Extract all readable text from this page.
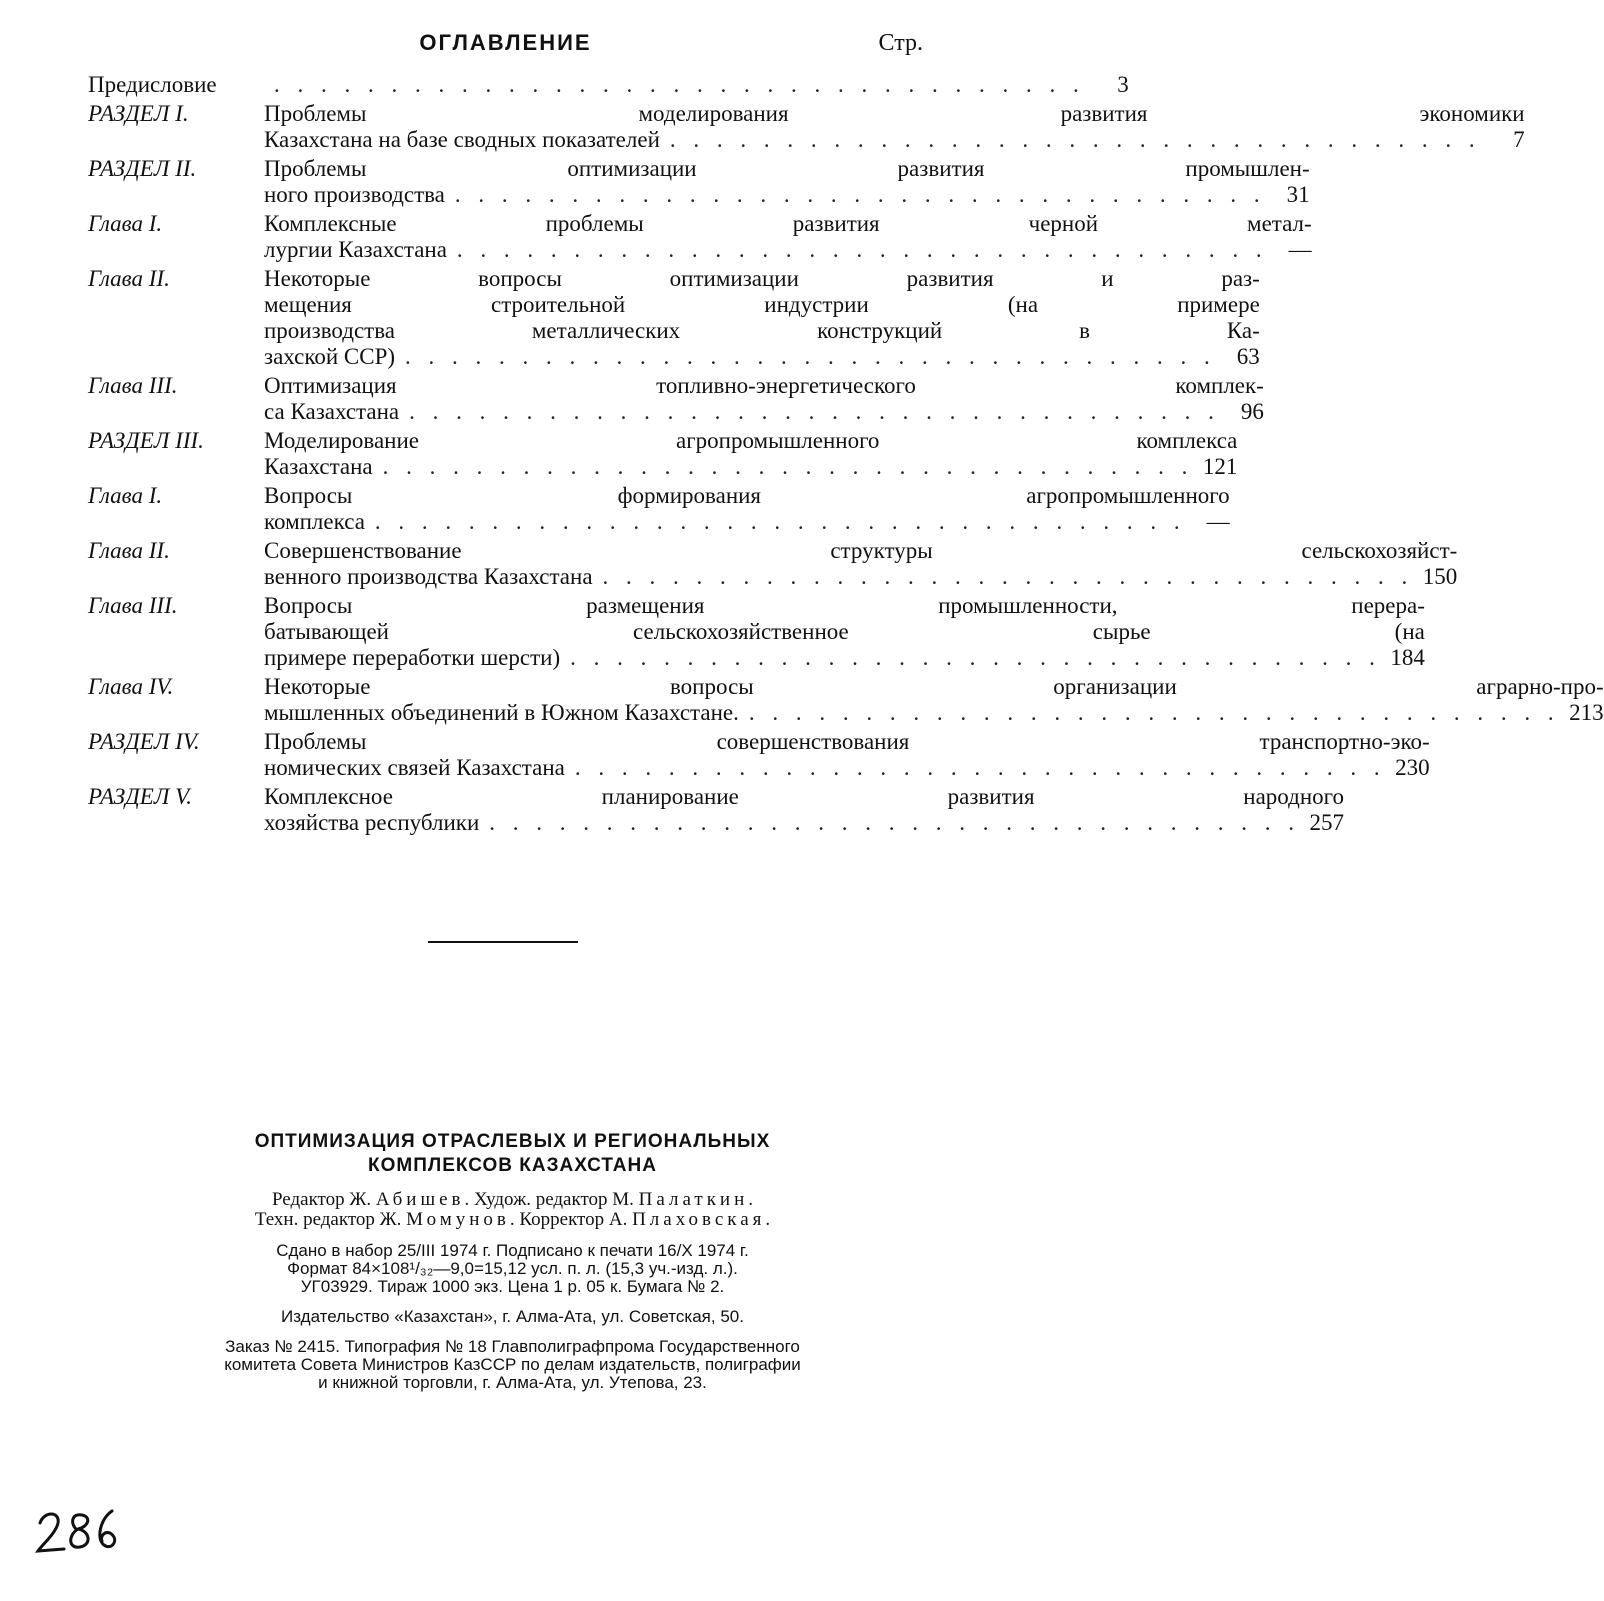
ОГЛАВЛЕНИЕ	Стр.
Предисловие	. . . . . . . . . . . . . . . . . . . . . . . . . . . . . . . . . . .	3
РАЗДЕЛ I.	Проблемы моделирования развития экономики
Казахстана на базе сводных показателей . . . . . . . . . . . . . . . . . . . . . . . . . . . . . . . . . . .	7
РАЗДЕЛ II.	Проблемы оптимизации развития промышлен-
ного производства . . . . . . . . . . . . . . . . . . . . . . . . . . . . . . . . . . . 31
Глава I.	Комплексные проблемы развития черной метал-
лургии Казахстана . . . . . . . . . . . . . . . . . . . . . . . . . . . . . . . . . . . —
Глава II.	Некоторые вопросы оптимизации развития и раз-
мещения строительной индустрии (на примере
производства металлических конструкций в Ка-
захской ССР) . . . . . . . . . . . . . . . . . . . . . . . . . . . . . . . . . . . 63
Глава III.	Оптимизация топливно-энергетического комплек-
са Казахстана . . . . . . . . . . . . . . . . . . . . . . . . . . . . . . . . . . . 96
РАЗДЕЛ III.	Моделирование агропромышленного комплекса
Казахстана . . . . . . . . . . . . . . . . . . . . . . . . . . . . . . . . . . . 121
Глава I.	Вопросы формирования агропромышленного
комплекса . . . . . . . . . . . . . . . . . . . . . . . . . . . . . . . . . . . —
Глава II.	Совершенствование структуры сельскохозяйст-
венного производства Казахстана . . . . . . . . . . . . . . . . . . . . . . . . . . . . . . . . . . . 150
Глава III.	Вопросы размещения промышленности, перера-
батывающей сельскохозяйственное сырье (на
примере переработки шерсти) . . . . . . . . . . . . . . . . . . . . . . . . . . . . . . . . . . . 184
Глава IV.	Некоторые вопросы организации аграрно-про-
мышленных объединений в Южном Казахстане. . . . . . . . . . . . . . . . . . . . . . . . . . . . . . . . . . . . 213
РАЗДЕЛ IV.	Проблемы совершенствования транспортно-эко-
номических связей Казахстана . . . . . . . . . . . . . . . . . . . . . . . . . . . . . . . . . . . 230
РАЗДЕЛ V.	Комплексное планирование развития народного
хозяйства республики . . . . . . . . . . . . . . . . . . . . . . . . . . . . . . . . . . . 257
ОПТИМИЗАЦИЯ ОТРАСЛЕВЫХ И РЕГИОНАЛЬНЫХ
КОМПЛЕКСОВ КАЗАХСТАНА
Редактор Ж. Абишев. Худож. редактор М. Палаткин.
Техн. редактор Ж. Момунов. Корректор А. Плаховская.
Сдано в набор 25/III 1974 г. Подписано к печати 16/X 1974 г.
Формат 84×108¹/₃₂—9,0=15,12 усл. п. л. (15,3 уч.-изд. л.).
УГ03929. Тираж 1000 экз. Цена 1 р. 05 к. Бумага № 2.
Издательство «Казахстан», г. Алма-Ата, ул. Советская, 50.
Заказ № 2415. Типография № 18 Главполиграфпрома Государственного
комитета Совета Министров КазССР по делам издательств, полиграфии
и книжной торговли, г. Алма-Ата, ул. Утепова, 23.
